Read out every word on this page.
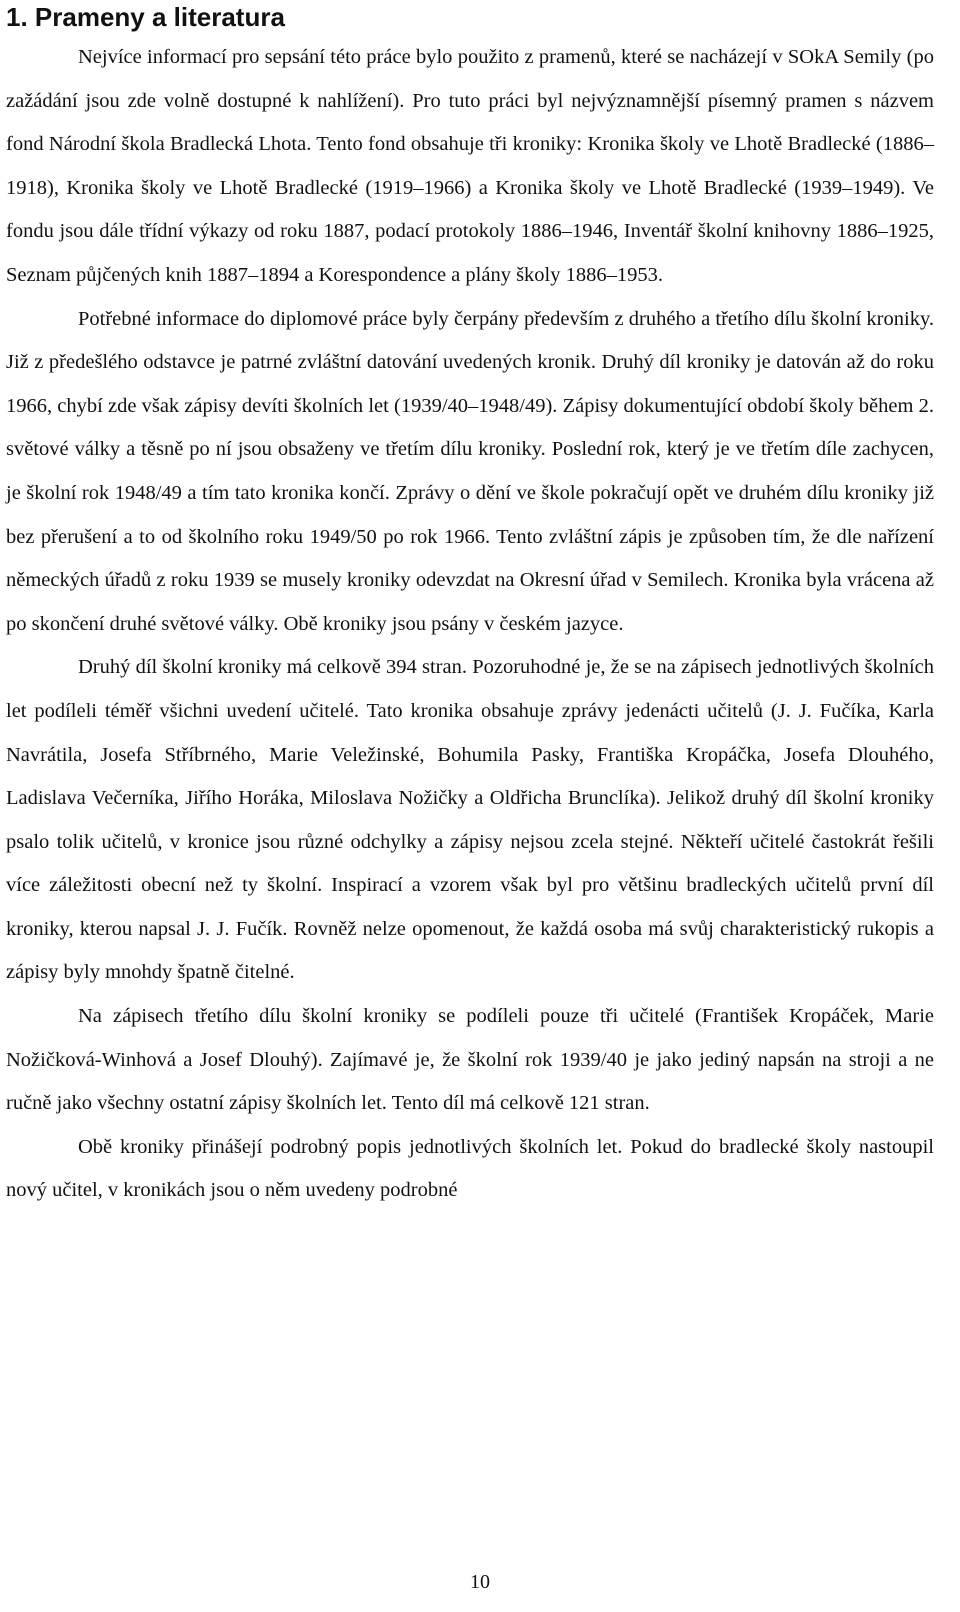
1. Prameny a literatura

Nejvíce informací pro sepsání této práce bylo použito z pramenů, které se nacházejí v SOkA Semily (po zažádání jsou zde volně dostupné k nahlížení). Pro tuto práci byl nejvýznamnější písemný pramen s názvem fond Národní škola Bradlecká Lhota. Tento fond obsahuje tři kroniky: Kronika školy ve Lhotě Bradlecké (1886–1918), Kronika školy ve Lhotě Bradlecké (1919–1966) a Kronika školy ve Lhotě Bradlecké (1939–1949). Ve fondu jsou dále třídní výkazy od roku 1887, podací protokoly 1886–1946, Inventář školní knihovny 1886–1925, Seznam půjčených knih 1887–1894 a Korespondence a plány školy 1886–1953.

Potřebné informace do diplomové práce byly čerpány především z druhého a třetího dílu školní kroniky. Již z předešlého odstavce je patrné zvláštní datování uvedených kronik. Druhý díl kroniky je datován až do roku 1966, chybí zde však zápisy devíti školních let (1939/40–1948/49). Zápisy dokumentující období školy během 2. světové války a těsně po ní jsou obsaženy ve třetím dílu kroniky. Poslední rok, který je ve třetím díle zachycen, je školní rok 1948/49 a tím tato kronika končí. Zprávy o dění ve škole pokračují opět ve druhém dílu kroniky již bez přerušení a to od školního roku 1949/50 po rok 1966. Tento zvláštní zápis je způsoben tím, že dle nařízení německých úřadů z roku 1939 se musely kroniky odevzdat na Okresní úřad v Semilech. Kronika byla vrácena až po skončení druhé světové války. Obě kroniky jsou psány v českém jazyce.

Druhý díl školní kroniky má celkově 394 stran. Pozoruhodné je, že se na zápisech jednotlivých školních let podíleli téměř všichni uvedení učitelé. Tato kronika obsahuje zprávy jedenácti učitelů (J. J. Fučíka, Karla Navrátila, Josefa Stříbrného, Marie Veležinské, Bohumila Pasky, Františka Kropáčka, Josefa Dlouhého, Ladislava Večerníka, Jiřího Horáka, Miloslava Nožičky a Oldřicha Brunclíka). Jelikož druhý díl školní kroniky psalo tolik učitelů, v kronice jsou různé odchylky a zápisy nejsou zcela stejné. Někteří učitelé častokrát řešili více záležitosti obecní než ty školní. Inspirací a vzorem však byl pro většinu bradleckých učitelů první díl kroniky, kterou napsal J. J. Fučík. Rovněž nelze opomenout, že každá osoba má svůj charakteristický rukopis a zápisy byly mnohdy špatně čitelné.

Na zápisech třetího dílu školní kroniky se podíleli pouze tři učitelé (František Kropáček, Marie Nožičková-Winhová a Josef Dlouhý). Zajímavé je, že školní rok 1939/40 je jako jediný napsán na stroji a ne ručně jako všechny ostatní zápisy školních let. Tento díl má celkově 121 stran.

Obě kroniky přinášejí podrobný popis jednotlivých školních let. Pokud do bradlecké školy nastoupil nový učitel, v kronikách jsou o něm uvedeny podrobné

10
